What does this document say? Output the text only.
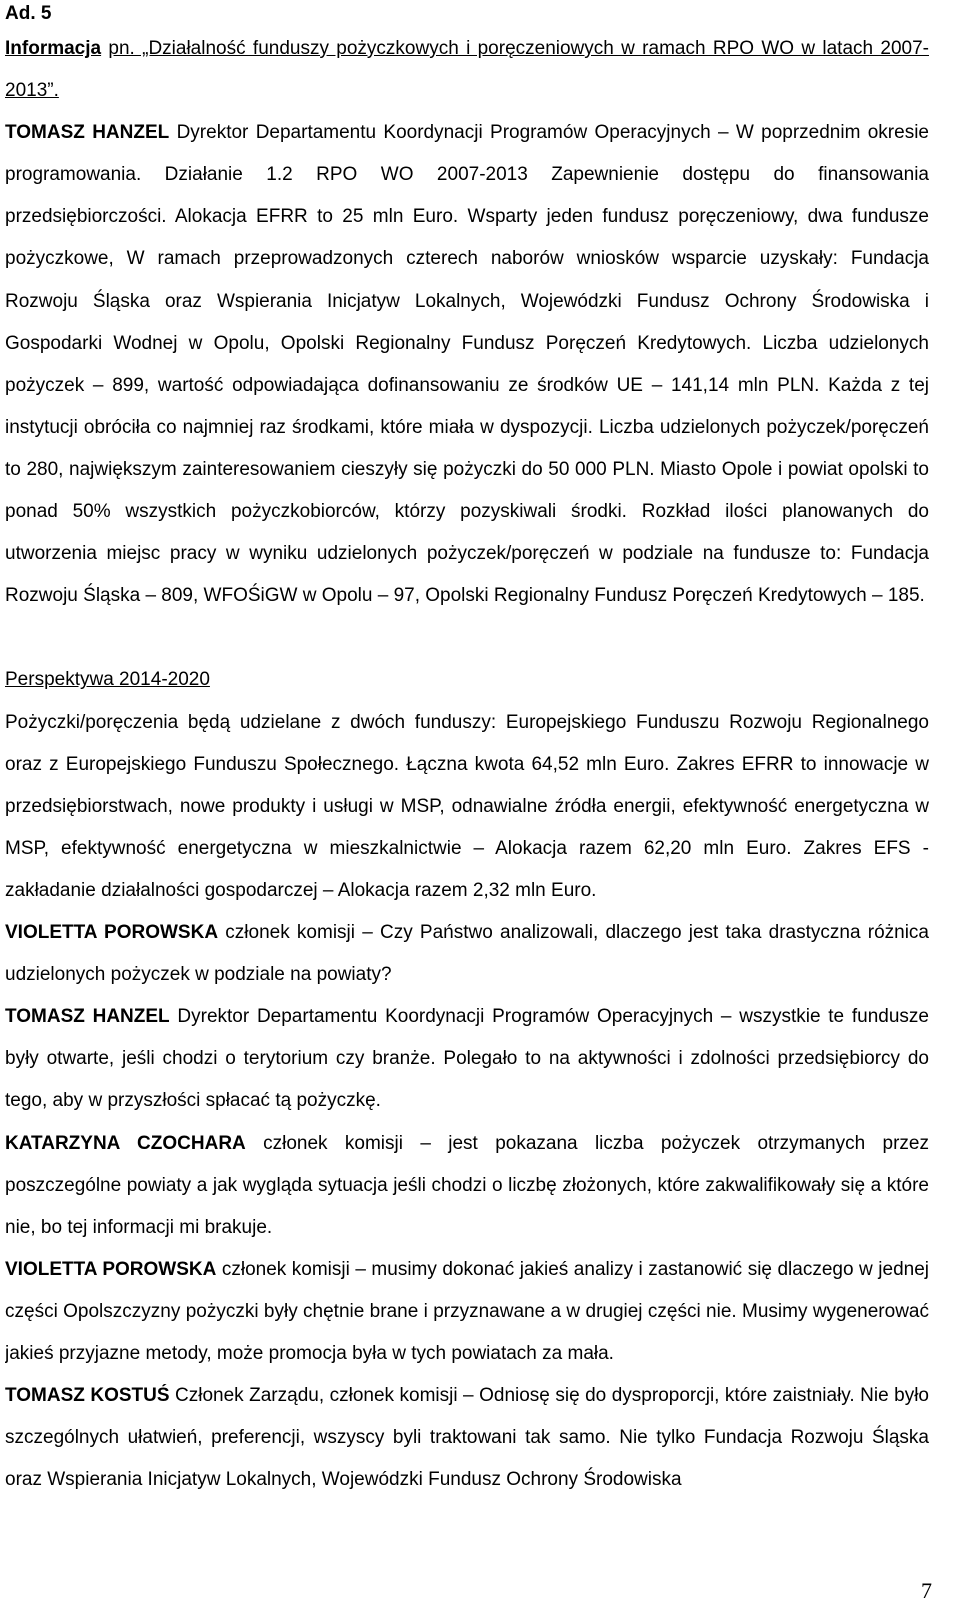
Ad. 5

Informacja pn. „Działalność funduszy pożyczkowych i poręczeniowych w ramach RPO WO w latach 2007-2013”.

TOMASZ HANZEL Dyrektor Departamentu Koordynacji Programów Operacyjnych – W poprzednim okresie programowania. Działanie 1.2 RPO WO 2007-2013 Zapewnienie dostępu do finansowania przedsiębiorczości. Alokacja EFRR to 25 mln Euro. Wsparty jeden fundusz poręczeniowy, dwa fundusze pożyczkowe, W ramach przeprowadzonych czterech naborów wniosków wsparcie uzyskały: Fundacja Rozwoju Śląska oraz Wspierania Inicjatyw Lokalnych, Wojewódzki Fundusz Ochrony Środowiska i Gospodarki Wodnej w Opolu, Opolski Regionalny Fundusz Poręczeń Kredytowych. Liczba udzielonych pożyczek – 899, wartość odpowiadająca dofinansowaniu ze środków UE – 141,14 mln PLN. Każda z tej instytucji obróciła co najmniej raz środkami, które miała w dyspozycji. Liczba udzielonych pożyczek/poręczeń to 280, największym zainteresowaniem cieszyły się pożyczki do 50 000 PLN. Miasto Opole i powiat opolski to ponad 50% wszystkich pożyczkobiorców, którzy pozyskiwali środki. Rozkład ilości planowanych do utworzenia miejsc pracy w wyniku udzielonych pożyczek/poręczeń w podziale na fundusze to: Fundacja Rozwoju Śląska – 809, WFOŚiGW w Opolu – 97, Opolski Regionalny Fundusz Poręczeń Kredytowych – 185.

Perspektywa 2014-2020

Pożyczki/poręczenia będą udzielane z dwóch funduszy: Europejskiego Funduszu Rozwoju Regionalnego oraz z Europejskiego Funduszu Społecznego. Łączna kwota 64,52 mln Euro. Zakres EFRR to innowacje w przedsiębiorstwach, nowe produkty i usługi w MSP, odnawialne źródła energii, efektywność energetyczna w MSP, efektywność energetyczna w mieszkalnictwie – Alokacja razem 62,20 mln Euro. Zakres EFS - zakładanie działalności gospodarczej – Alokacja razem 2,32 mln Euro.

VIOLETTA POROWSKA członek komisji – Czy Państwo analizowali, dlaczego jest taka drastyczna różnica udzielonych pożyczek w podziale na powiaty?

TOMASZ HANZEL Dyrektor Departamentu Koordynacji Programów Operacyjnych – wszystkie te fundusze były otwarte, jeśli chodzi o terytorium czy branże. Polegało to na aktywności i zdolności przedsiębiorcy do tego, aby w przyszłości spłacać tą pożyczkę.

KATARZYNA CZOCHARA członek komisji – jest pokazana liczba pożyczek otrzymanych przez poszczególne powiaty a jak wygląda sytuacja jeśli chodzi o liczbę złożonych, które zakwalifikowały się a które nie, bo tej informacji mi brakuje.

VIOLETTA POROWSKA członek komisji – musimy dokonać jakieś analizy i zastanowić się dlaczego w jednej części Opolszczyzny pożyczki były chętnie brane i przyznawane a w drugiej części nie. Musimy wygenerować jakieś przyjazne metody, może promocja była w tych powiatach za mała.

TOMASZ KOSTUŚ Członek Zarządu, członek komisji – Odniosę się do dysproporcji, które zaistniały. Nie było szczególnych ułatwień, preferencji, wszyscy byli traktowani tak samo. Nie tylko Fundacja Rozwoju Śląska oraz Wspierania Inicjatyw Lokalnych, Wojewódzki Fundusz Ochrony Środowiska

7
